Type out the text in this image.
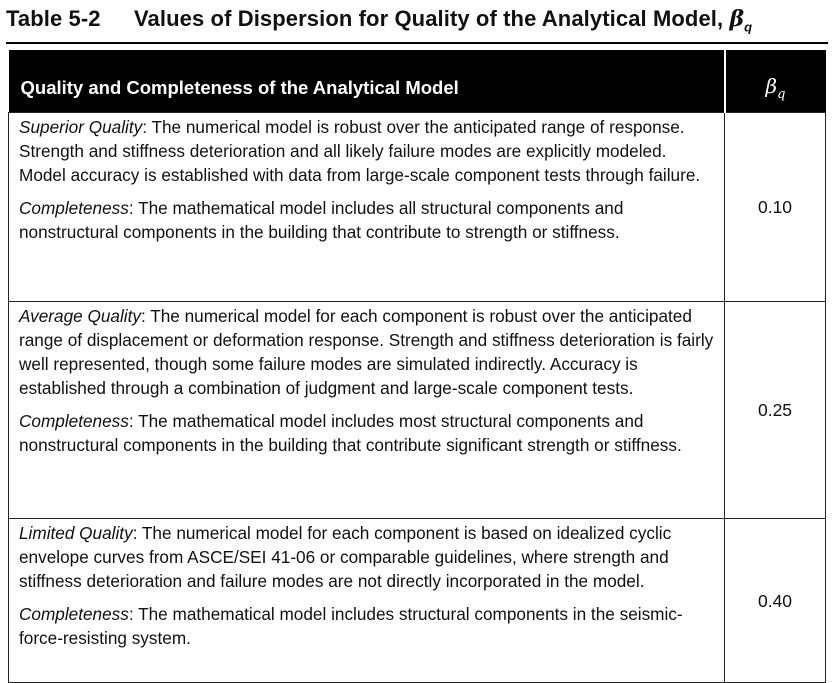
Table 5-2 Values of Dispersion for Quality of the Analytical Model, $\beta_q$
Quality and Completeness of the Analytical Model	$\beta_q$

Superior Quality: The numerical model is robust over the anticipated range of response. Strength and stiffness deterioration and all likely failure modes are explicitly modeled. Model accuracy is established with data from large-scale component tests through failure.

Completeness: The mathematical model includes all structural components and nonstructural components in the building that contribute to strength or stiffness.	0.10

Average Quality: The numerical model for each component is robust over the anticipated range of displacement or deformation response. Strength and stiffness deterioration is fairly well represented, though some failure modes are simulated indirectly. Accuracy is established through a combination of judgment and large-scale component tests.

Completeness: The mathematical model includes most structural components and nonstructural components in the building that contribute significant strength or stiffness.	0.25

Limited Quality: The numerical model for each component is based on idealized cyclic envelope curves from ASCE/SEI 41-06 or comparable guidelines, where strength and stiffness deterioration and failure modes are not directly incorporated in the model.

Completeness: The mathematical model includes structural components in the seismic-force-resisting system.	0.40
